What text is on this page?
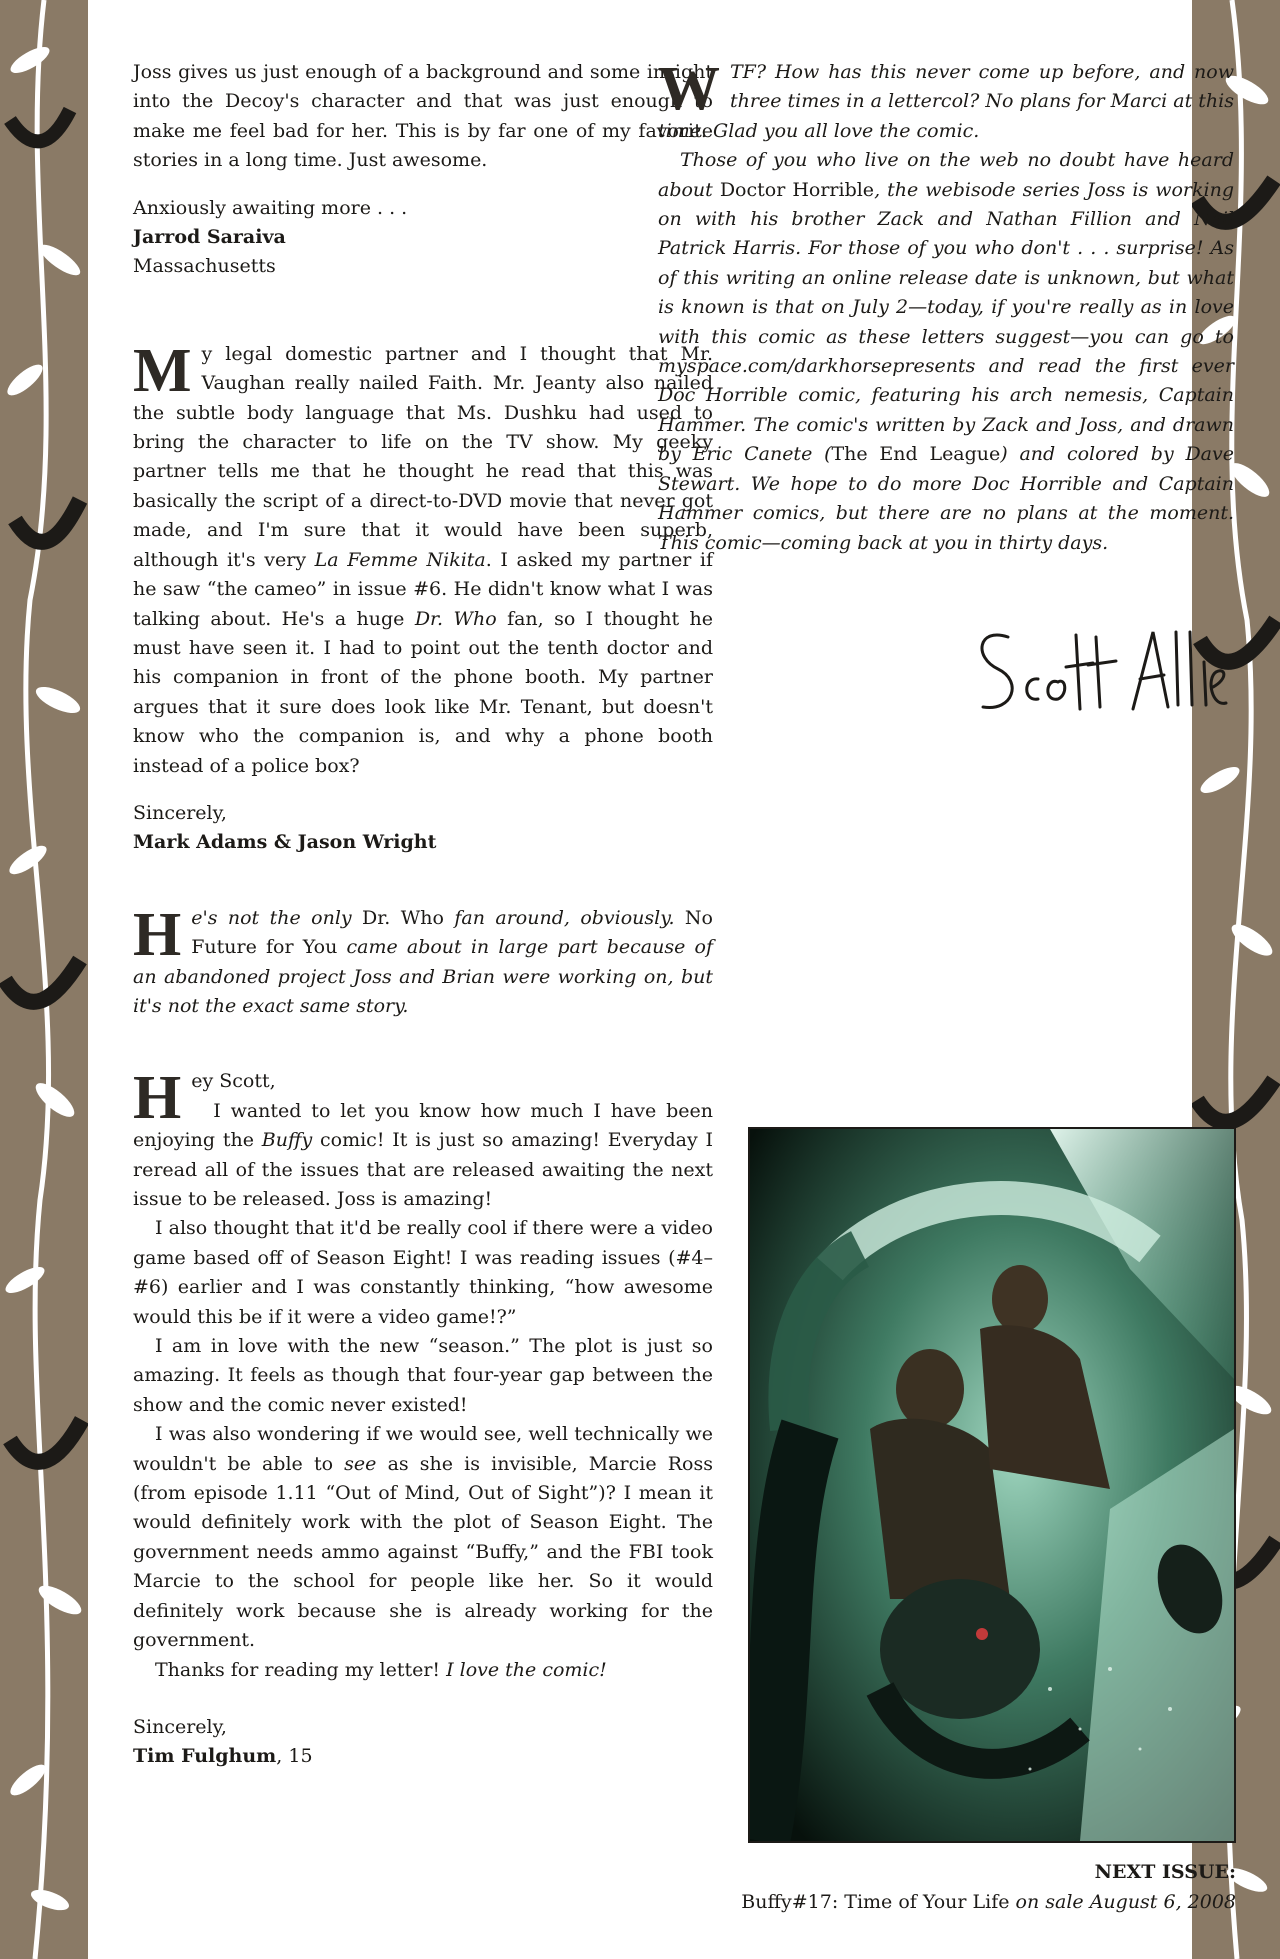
Joss gives us just enough of a background and some insight into the Decoy's character and that was just enough to make me feel bad for her. This is by far one of my favorite stories in a long time. Just awesome.

Anxiously awaiting more . . .

Jarrod Saraiva

Massachusetts

My legal domestic partner and I thought that Mr. Vaughan really nailed Faith. Mr. Jeanty also nailed the subtle body language that Ms. Dushku had used to bring the character to life on the TV show. My geeky partner tells me that he thought he read that this was basically the script of a direct-to-DVD movie that never got made, and I'm sure that it would have been superb, although it's very La Femme Nikita. I asked my partner if he saw “the cameo” in issue #6. He didn't know what I was talking about. He's a huge Dr. Who fan, so I thought he must have seen it. I had to point out the tenth doctor and his companion in front of the phone booth. My partner argues that it sure does look like Mr. Tenant, but doesn't know who the companion is, and why a phone booth instead of a police box?

Sincerely,

Mark Adams & Jason Wright

He's not the only Dr. Who fan around, obviously. No Future for You came about in large part because of an abandoned project Joss and Brian were working on, but it's not the exact same story.

Hey Scott,
I wanted to let you know how much I have been enjoying the Buffy comic! It is just so amazing! Everyday I reread all of the issues that are released awaiting the next issue to be released. Joss is amazing!

I also thought that it'd be really cool if there were a video game based off of Season Eight! I was reading issues (#4–#6) earlier and I was constantly thinking, “how awesome would this be if it were a video game!?”

I am in love with the new “season.” The plot is just so amazing. It feels as though that four-year gap between the show and the comic never existed!

I was also wondering if we would see, well technically we wouldn't be able to see as she is invisible, Marcie Ross (from episode 1.11 “Out of Mind, Out of Sight”)? I mean it would definitely work with the plot of Season Eight. The government needs ammo against “Buffy,” and the FBI took Marcie to the school for people like her. So it would definitely work because she is already working for the government.

Thanks for reading my letter! I love the comic!

Sincerely,

Tim Fulghum, 15

WTF? How has this never come up before, and now three times in a lettercol? No plans for Marci at this time. Glad you all love the comic.

Those of you who live on the web no doubt have heard about Doctor Horrible, the webisode series Joss is working on with his brother Zack and Nathan Fillion and Neil Patrick Harris. For those of you who don't . . . surprise! As of this writing an online release date is unknown, but what is known is that on July 2—today, if you're really as in love with this comic as these letters suggest—you can go to myspace.com/darkhorsepresents and read the first ever Doc Horrible comic, featuring his arch nemesis, Captain Hammer. The comic's written by Zack and Joss, and drawn by Eric Canete (The End League) and colored by Dave Stewart. We hope to do more Doc Horrible and Captain Hammer comics, but there are no plans at the moment. This comic—coming back at you in thirty days.

NEXT ISSUE:
Buffy#17: Time of Your Life on sale August 6, 2008
